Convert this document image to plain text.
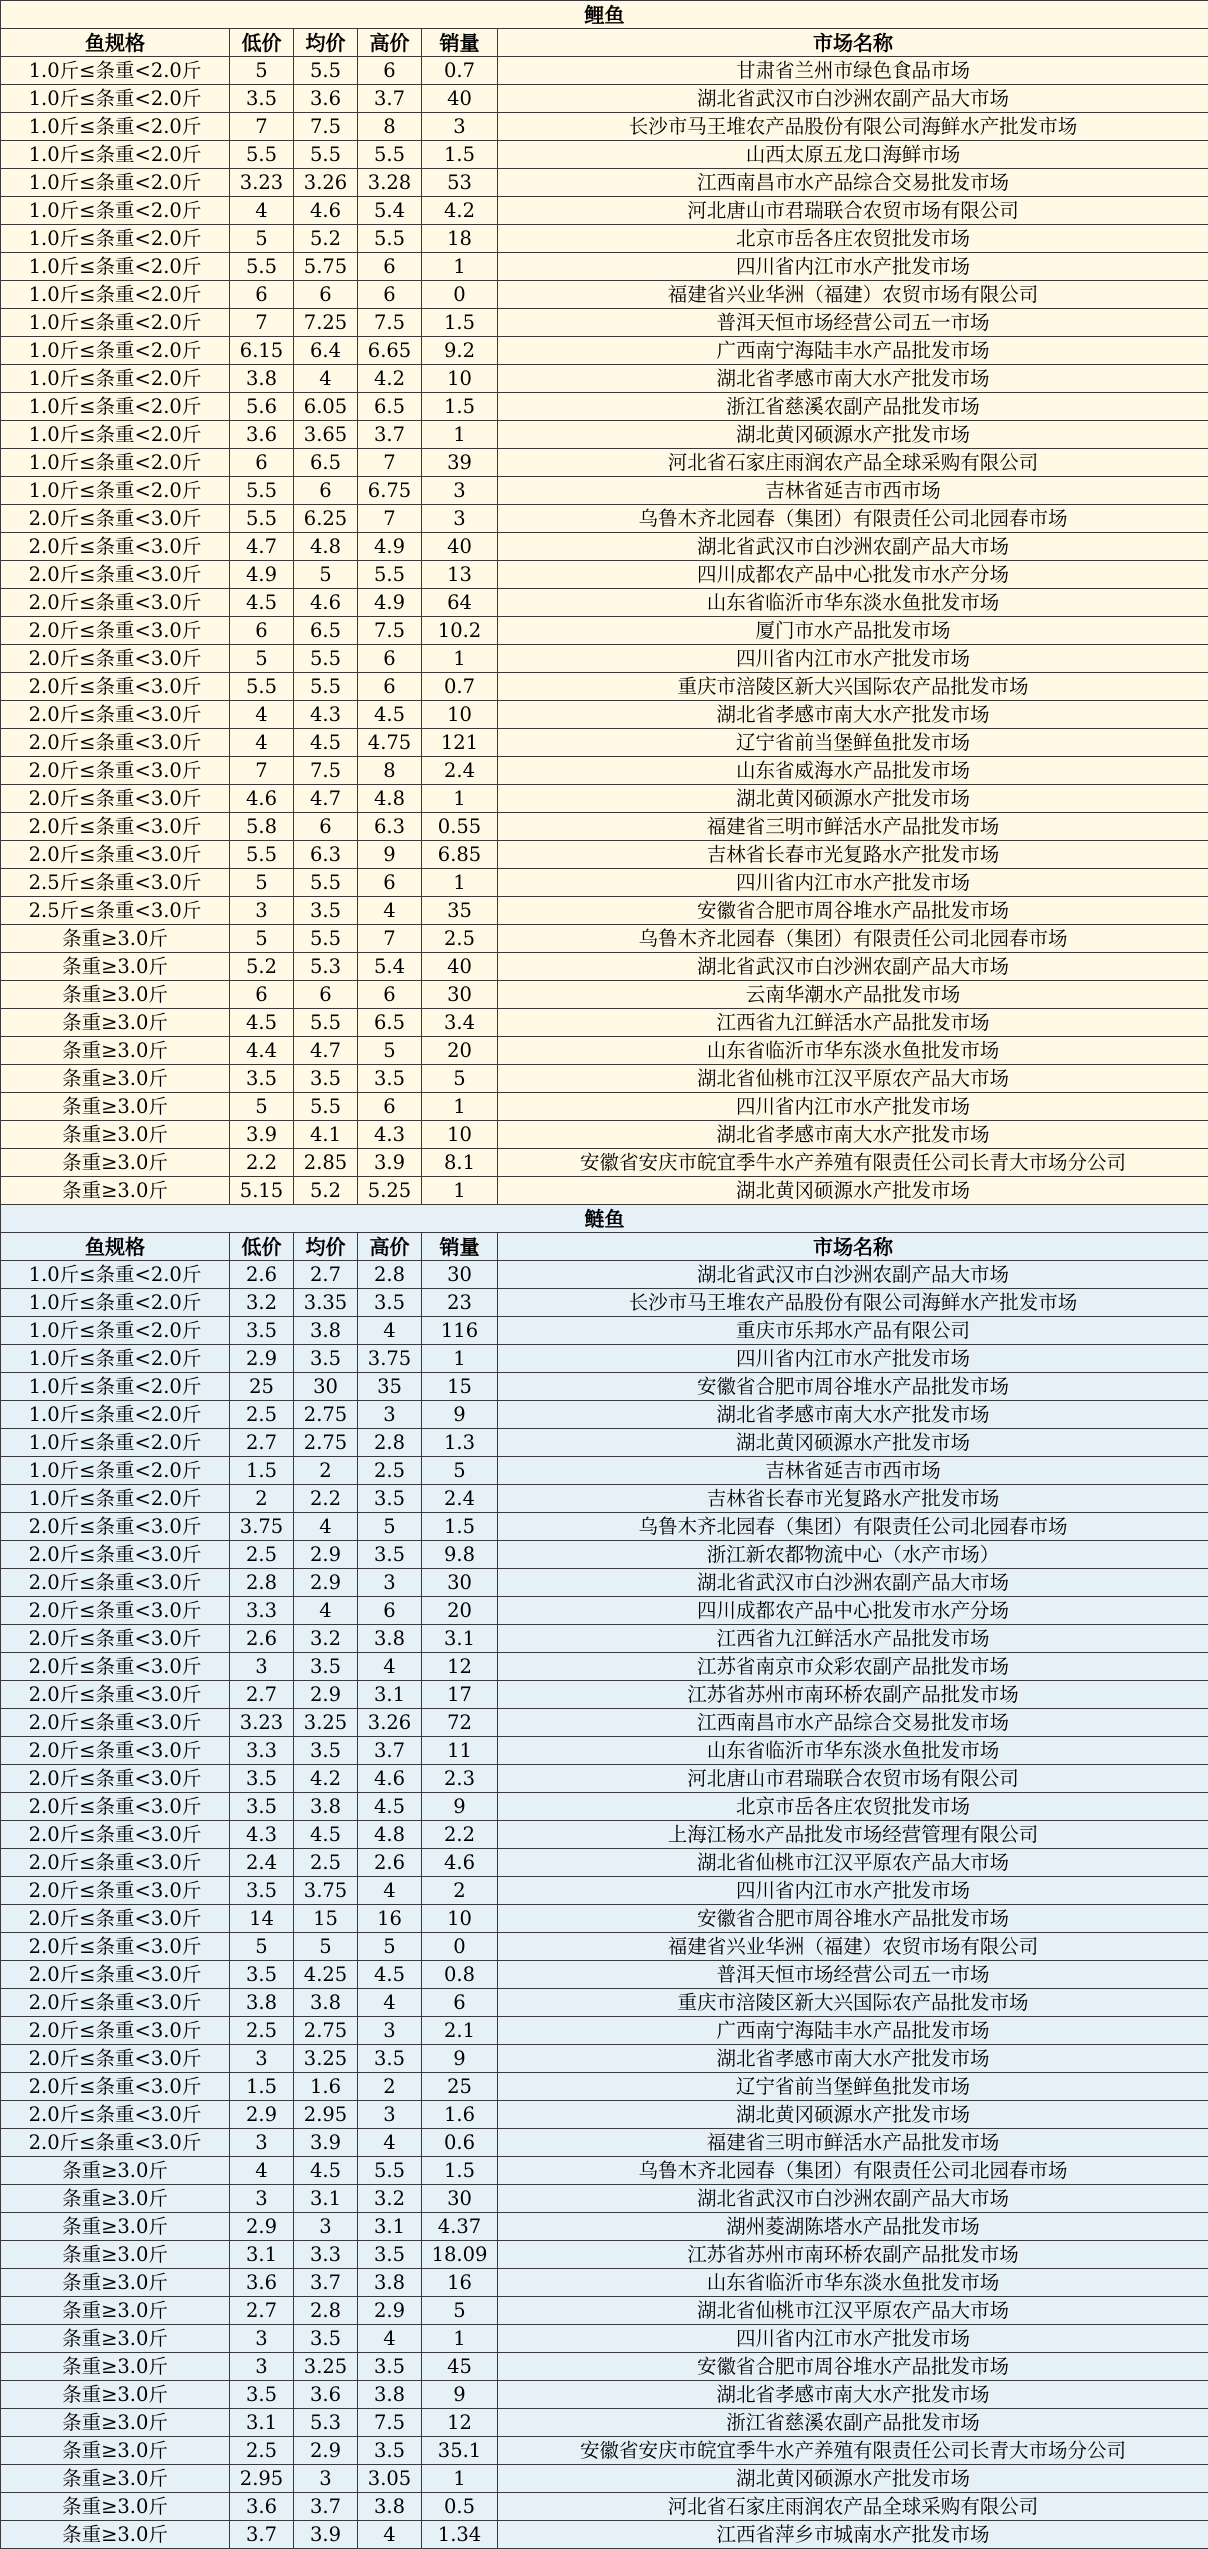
鲤鱼					
鱼规格	低价	均价	高价	销量	市场名称
1.0斤≤条重<2.0斤	5	5.5	6	0.7	甘肃省兰州市绿色食品市场
1.0斤≤条重<2.0斤	3.5	3.6	3.7	40	湖北省武汉市白沙洲农副产品大市场
1.0斤≤条重<2.0斤	7	7.5	8	3	长沙市马王堆农产品股份有限公司海鲜水产批发市场
1.0斤≤条重<2.0斤	5.5	5.5	5.5	1.5	山西太原五龙口海鲜市场
1.0斤≤条重<2.0斤	3.23	3.26	3.28	53	江西南昌市水产品综合交易批发市场
1.0斤≤条重<2.0斤	4	4.6	5.4	4.2	河北唐山市君瑞联合农贸市场有限公司
1.0斤≤条重<2.0斤	5	5.2	5.5	18	北京市岳各庄农贸批发市场
1.0斤≤条重<2.0斤	5.5	5.75	6	1	四川省内江市水产批发市场
1.0斤≤条重<2.0斤	6	6	6	0	福建省兴业华洲（福建）农贸市场有限公司
1.0斤≤条重<2.0斤	7	7.25	7.5	1.5	普洱天恒市场经营公司五一市场
1.0斤≤条重<2.0斤	6.15	6.4	6.65	9.2	广西南宁海陆丰水产品批发市场
1.0斤≤条重<2.0斤	3.8	4	4.2	10	湖北省孝感市南大水产批发市场
1.0斤≤条重<2.0斤	5.6	6.05	6.5	1.5	浙江省慈溪农副产品批发市场
1.0斤≤条重<2.0斤	3.6	3.65	3.7	1	湖北黄冈硕源水产批发市场
1.0斤≤条重<2.0斤	6	6.5	7	39	河北省石家庄雨润农产品全球采购有限公司
1.0斤≤条重<2.0斤	5.5	6	6.75	3	吉林省延吉市西市场
2.0斤≤条重<3.0斤	5.5	6.25	7	3	乌鲁木齐北园春（集团）有限责任公司北园春市场
2.0斤≤条重<3.0斤	4.7	4.8	4.9	40	湖北省武汉市白沙洲农副产品大市场
2.0斤≤条重<3.0斤	4.9	5	5.5	13	四川成都农产品中心批发市水产分场
2.0斤≤条重<3.0斤	4.5	4.6	4.9	64	山东省临沂市华东淡水鱼批发市场
2.0斤≤条重<3.0斤	6	6.5	7.5	10.2	厦门市水产品批发市场
2.0斤≤条重<3.0斤	5	5.5	6	1	四川省内江市水产批发市场
2.0斤≤条重<3.0斤	5.5	5.5	6	0.7	重庆市涪陵区新大兴国际农产品批发市场
2.0斤≤条重<3.0斤	4	4.3	4.5	10	湖北省孝感市南大水产批发市场
2.0斤≤条重<3.0斤	4	4.5	4.75	121	辽宁省前当堡鲜鱼批发市场
2.0斤≤条重<3.0斤	7	7.5	8	2.4	山东省威海水产品批发市场
2.0斤≤条重<3.0斤	4.6	4.7	4.8	1	湖北黄冈硕源水产批发市场
2.0斤≤条重<3.0斤	5.8	6	6.3	0.55	福建省三明市鲜活水产品批发市场
2.0斤≤条重<3.0斤	5.5	6.3	9	6.85	吉林省长春市光复路水产批发市场
2.5斤≤条重<3.0斤	5	5.5	6	1	四川省内江市水产批发市场
2.5斤≤条重<3.0斤	3	3.5	4	35	安徽省合肥市周谷堆水产品批发市场
条重≥3.0斤	5	5.5	7	2.5	乌鲁木齐北园春（集团）有限责任公司北园春市场
条重≥3.0斤	5.2	5.3	5.4	40	湖北省武汉市白沙洲农副产品大市场
条重≥3.0斤	6	6	6	30	云南华潮水产品批发市场
条重≥3.0斤	4.5	5.5	6.5	3.4	江西省九江鲜活水产品批发市场
条重≥3.0斤	4.4	4.7	5	20	山东省临沂市华东淡水鱼批发市场
条重≥3.0斤	3.5	3.5	3.5	5	湖北省仙桃市江汉平原农产品大市场
条重≥3.0斤	5	5.5	6	1	四川省内江市水产批发市场
条重≥3.0斤	3.9	4.1	4.3	10	湖北省孝感市南大水产批发市场
条重≥3.0斤	2.2	2.85	3.9	8.1	安徽省安庆市皖宜季牛水产养殖有限责任公司长青大市场分公司
条重≥3.0斤	5.15	5.2	5.25	1	湖北黄冈硕源水产批发市场
鲢鱼					
鱼规格	低价	均价	高价	销量	市场名称
1.0斤≤条重<2.0斤	2.6	2.7	2.8	30	湖北省武汉市白沙洲农副产品大市场
1.0斤≤条重<2.0斤	3.2	3.35	3.5	23	长沙市马王堆农产品股份有限公司海鲜水产批发市场
1.0斤≤条重<2.0斤	3.5	3.8	4	116	重庆市乐邦水产品有限公司
1.0斤≤条重<2.0斤	2.9	3.5	3.75	1	四川省内江市水产批发市场
1.0斤≤条重<2.0斤	25	30	35	15	安徽省合肥市周谷堆水产品批发市场
1.0斤≤条重<2.0斤	2.5	2.75	3	9	湖北省孝感市南大水产批发市场
1.0斤≤条重<2.0斤	2.7	2.75	2.8	1.3	湖北黄冈硕源水产批发市场
1.0斤≤条重<2.0斤	1.5	2	2.5	5	吉林省延吉市西市场
1.0斤≤条重<2.0斤	2	2.2	3.5	2.4	吉林省长春市光复路水产批发市场
2.0斤≤条重<3.0斤	3.75	4	5	1.5	乌鲁木齐北园春（集团）有限责任公司北园春市场
2.0斤≤条重<3.0斤	2.5	2.9	3.5	9.8	浙江新农都物流中心（水产市场）
2.0斤≤条重<3.0斤	2.8	2.9	3	30	湖北省武汉市白沙洲农副产品大市场
2.0斤≤条重<3.0斤	3.3	4	6	20	四川成都农产品中心批发市水产分场
2.0斤≤条重<3.0斤	2.6	3.2	3.8	3.1	江西省九江鲜活水产品批发市场
2.0斤≤条重<3.0斤	3	3.5	4	12	江苏省南京市众彩农副产品批发市场
2.0斤≤条重<3.0斤	2.7	2.9	3.1	17	江苏省苏州市南环桥农副产品批发市场
2.0斤≤条重<3.0斤	3.23	3.25	3.26	72	江西南昌市水产品综合交易批发市场
2.0斤≤条重<3.0斤	3.3	3.5	3.7	11	山东省临沂市华东淡水鱼批发市场
2.0斤≤条重<3.0斤	3.5	4.2	4.6	2.3	河北唐山市君瑞联合农贸市场有限公司
2.0斤≤条重<3.0斤	3.5	3.8	4.5	9	北京市岳各庄农贸批发市场
2.0斤≤条重<3.0斤	4.3	4.5	4.8	2.2	上海江杨水产品批发市场经营管理有限公司
2.0斤≤条重<3.0斤	2.4	2.5	2.6	4.6	湖北省仙桃市江汉平原农产品大市场
2.0斤≤条重<3.0斤	3.5	3.75	4	2	四川省内江市水产批发市场
2.0斤≤条重<3.0斤	14	15	16	10	安徽省合肥市周谷堆水产品批发市场
2.0斤≤条重<3.0斤	5	5	5	0	福建省兴业华洲（福建）农贸市场有限公司
2.0斤≤条重<3.0斤	3.5	4.25	4.5	0.8	普洱天恒市场经营公司五一市场
2.0斤≤条重<3.0斤	3.8	3.8	4	6	重庆市涪陵区新大兴国际农产品批发市场
2.0斤≤条重<3.0斤	2.5	2.75	3	2.1	广西南宁海陆丰水产品批发市场
2.0斤≤条重<3.0斤	3	3.25	3.5	9	湖北省孝感市南大水产批发市场
2.0斤≤条重<3.0斤	1.5	1.6	2	25	辽宁省前当堡鲜鱼批发市场
2.0斤≤条重<3.0斤	2.9	2.95	3	1.6	湖北黄冈硕源水产批发市场
2.0斤≤条重<3.0斤	3	3.9	4	0.6	福建省三明市鲜活水产品批发市场
条重≥3.0斤	4	4.5	5.5	1.5	乌鲁木齐北园春（集团）有限责任公司北园春市场
条重≥3.0斤	3	3.1	3.2	30	湖北省武汉市白沙洲农副产品大市场
条重≥3.0斤	2.9	3	3.1	4.37	湖州菱湖陈塔水产品批发市场
条重≥3.0斤	3.1	3.3	3.5	18.09	江苏省苏州市南环桥农副产品批发市场
条重≥3.0斤	3.6	3.7	3.8	16	山东省临沂市华东淡水鱼批发市场
条重≥3.0斤	2.7	2.8	2.9	5	湖北省仙桃市江汉平原农产品大市场
条重≥3.0斤	3	3.5	4	1	四川省内江市水产批发市场
条重≥3.0斤	3	3.25	3.5	45	安徽省合肥市周谷堆水产品批发市场
条重≥3.0斤	3.5	3.6	3.8	9	湖北省孝感市南大水产批发市场
条重≥3.0斤	3.1	5.3	7.5	12	浙江省慈溪农副产品批发市场
条重≥3.0斤	2.5	2.9	3.5	35.1	安徽省安庆市皖宜季牛水产养殖有限责任公司长青大市场分公司
条重≥3.0斤	2.95	3	3.05	1	湖北黄冈硕源水产批发市场
条重≥3.0斤	3.6	3.7	3.8	0.5	河北省石家庄雨润农产品全球采购有限公司
条重≥3.0斤	3.7	3.9	4	1.34	江西省萍乡市城南水产批发市场
